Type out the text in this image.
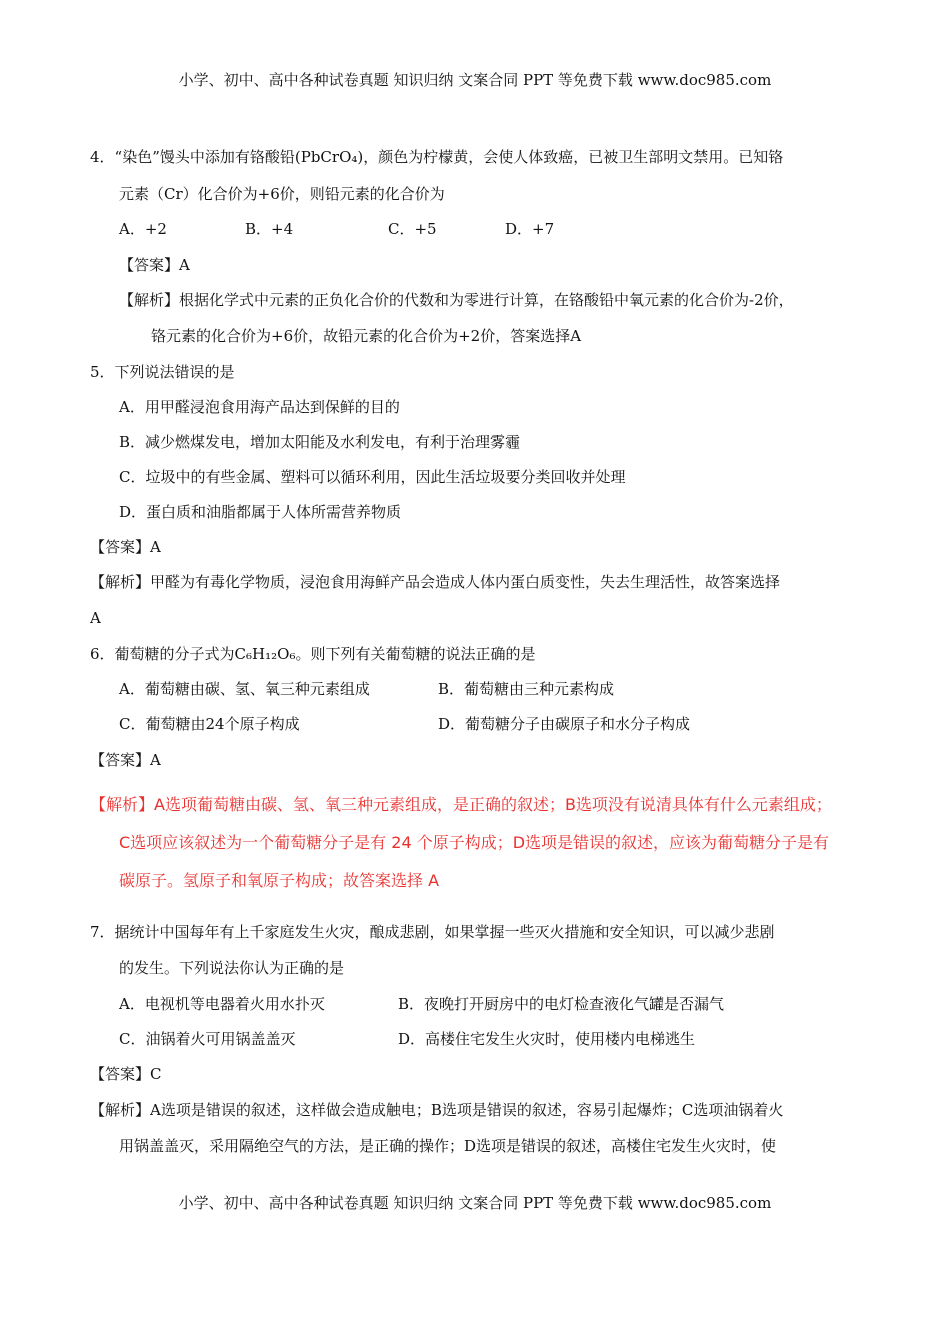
小学、初中、高中各种试卷真题 知识归纳 文案合同 PPT 等免费下载 www.doc985.com
4．“染色”馒头中添加有铬酸铅(PbCrO₄)，颜色为柠檬黄，会使人体致癌，已被卫生部明文禁用。已知铬
元素（Cr）化合价为+6价，则铅元素的化合价为
A．+2	B．+4	C．+5	D．+7
【答案】A
【解析】根据化学式中元素的正负化合价的代数和为零进行计算，在铬酸铅中氧元素的化合价为-2价，
铬元素的化合价为+6价，故铅元素的化合价为+2价，答案选择A
5．下列说法错误的是
A．用甲醛浸泡食用海产品达到保鲜的目的
B．减少燃煤发电，增加太阳能及水利发电，有利于治理雾霾
C．垃圾中的有些金属、塑料可以循环利用，因此生活垃圾要分类回收并处理
D．蛋白质和油脂都属于人体所需营养物质
【答案】A
【解析】甲醛为有毒化学物质，浸泡食用海鲜产品会造成人体内蛋白质变性，失去生理活性，故答案选择
A
6．葡萄糖的分子式为C₆H₁₂O₆。则下列有关葡萄糖的说法正确的是
A．葡萄糖由碳、氢、氧三种元素组成	B．葡萄糖由三种元素构成
C．葡萄糖由24个原子构成	D．葡萄糖分子由碳原子和水分子构成
【答案】A
【解析】A选项葡萄糖由碳、氢、氧三种元素组成，是正确的叙述；B选项没有说清具体有什么元素组成；
C选项应该叙述为一个葡萄糖分子是有 24 个原子构成；D选项是错误的叙述，应该为葡萄糖分子是有
碳原子。氢原子和氧原子构成；故答案选择 A
7．据统计中国每年有上千家庭发生火灾，酿成悲剧，如果掌握一些灭火措施和安全知识，可以减少悲剧
的发生。下列说法你认为正确的是
A．电视机等电器着火用水扑灭	B．夜晚打开厨房中的电灯检查液化气罐是否漏气
C．油锅着火可用锅盖盖灭	D．高楼住宅发生火灾时，使用楼内电梯逃生
【答案】C
【解析】A选项是错误的叙述，这样做会造成触电；B选项是错误的叙述，容易引起爆炸；C选项油锅着火
用锅盖盖灭，采用隔绝空气的方法，是正确的操作；D选项是错误的叙述，高楼住宅发生火灾时，使
小学、初中、高中各种试卷真题 知识归纳 文案合同 PPT 等免费下载 www.doc985.com
